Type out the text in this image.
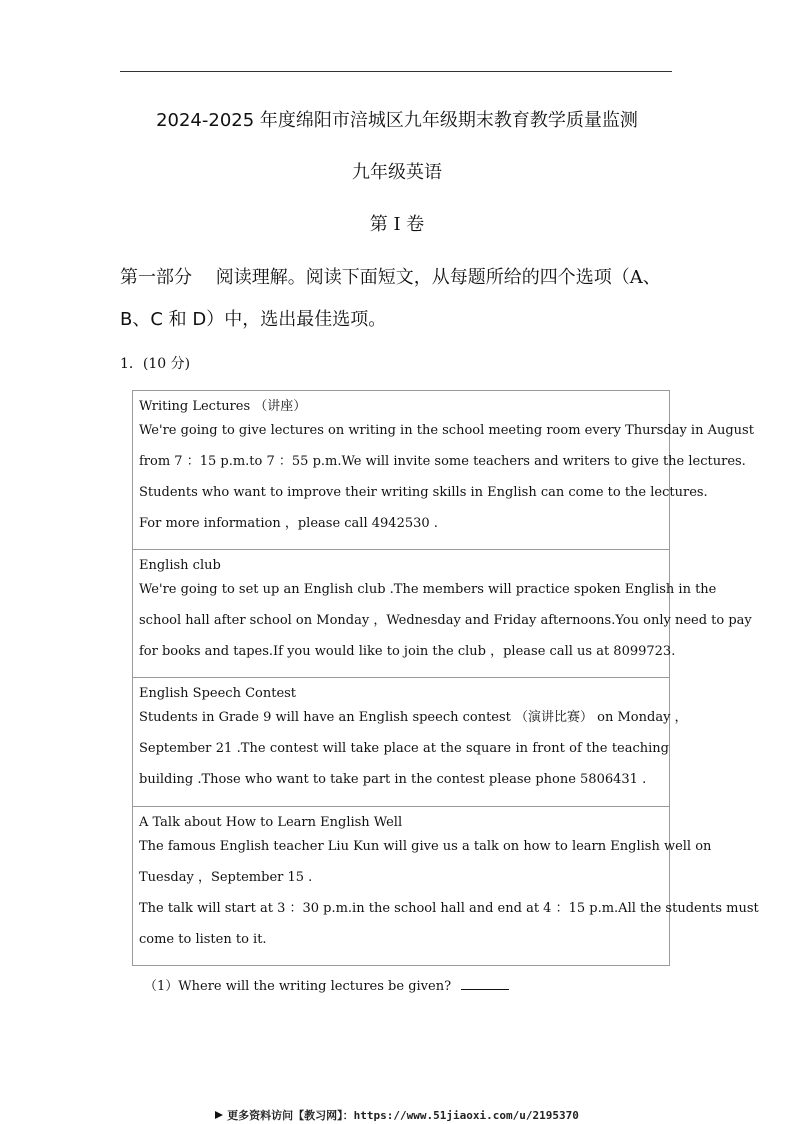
2024-2025 年度绵阳市涪城区九年级期末教育教学质量监测
九年级英语
第 I 卷
第一部分　 阅读理解。阅读下面短文，从每题所给的四个选项（A、
B、C 和 D）中，选出最佳选项。
1．(10 分)
Writing Lectures （讲座）
We're going to give lectures on writing in the school meeting room every Thursday in August
from 7 ：15 p.m.to 7 ：55 p.m.We will invite some teachers and writers to give the lectures.
Students who want to improve their writing skills in English can come to the lectures.
For more information ，please call 4942530 .
English club
We're going to set up an English club .The members will practice spoken English in the
school hall after school on Monday ，Wednesday and Friday afternoons.You only need to pay
for books and tapes.If you would like to join the club ，please call us at 8099723.
English Speech Contest
Students in Grade 9 will have an English speech contest （演讲比赛） on Monday ，
September 21 .The contest will take place at the square in front of the teaching
building .Those who want to take part in the contest please phone 5806431 .
A Talk about How to Learn English Well
The famous English teacher Liu Kun will give us a talk on how to learn English well on
Tuesday ，September 15 .
The talk will start at 3 ：30 p.m.in the school hall and end at 4 ：15 p.m.All the students must
come to listen to it.
（1）Where will the writing lectures be given?
更多资料访问【教习网】：https://www.51jiaoxi.com/u/2195370
